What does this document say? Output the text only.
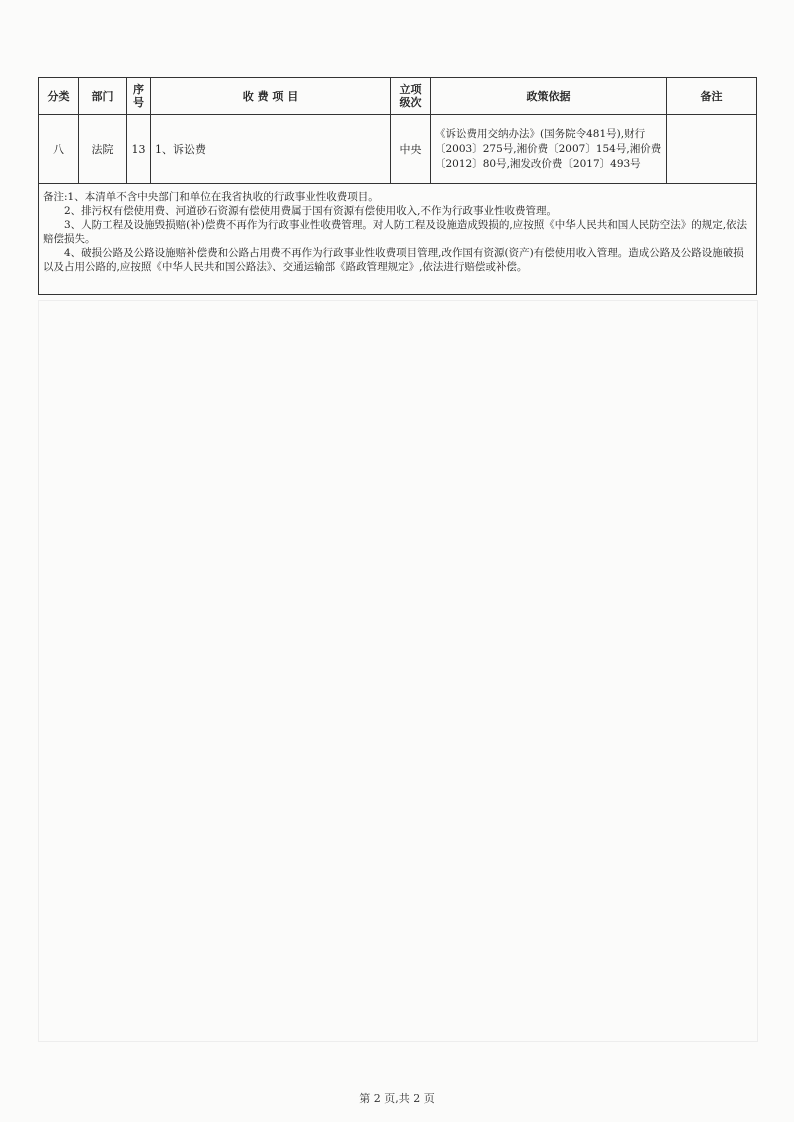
分类	部门	序号	收 费 项 目	立项级次	政策依据	备注
八	法院	13	1、诉讼费	中央	《诉讼费用交纳办法》(国务院令481号),财行〔2003〕275号,湘价费〔2007〕154号,湘价费〔2012〕80号,湘发改价费〔2017〕493号	

备注:1、本清单不含中央部门和单位在我省执收的行政事业性收费项目。
2、排污权有偿使用费、河道砂石资源有偿使用费属于国有资源有偿使用收入,不作为行政事业性收费管理。
3、人防工程及设施毁损赔(补)偿费不再作为行政事业性收费管理。对人防工程及设施造成毁损的,应按照《中华人民共和国人民防空法》的规定,依法赔偿损失。
4、破损公路及公路设施赔补偿费和公路占用费不再作为行政事业性收费项目管理,改作国有资源(资产)有偿使用收入管理。造成公路及公路设施破损以及占用公路的,应按照《中华人民共和国公路法》、交通运输部《路政管理规定》,依法进行赔偿或补偿。						
第 2 页,共 2 页
